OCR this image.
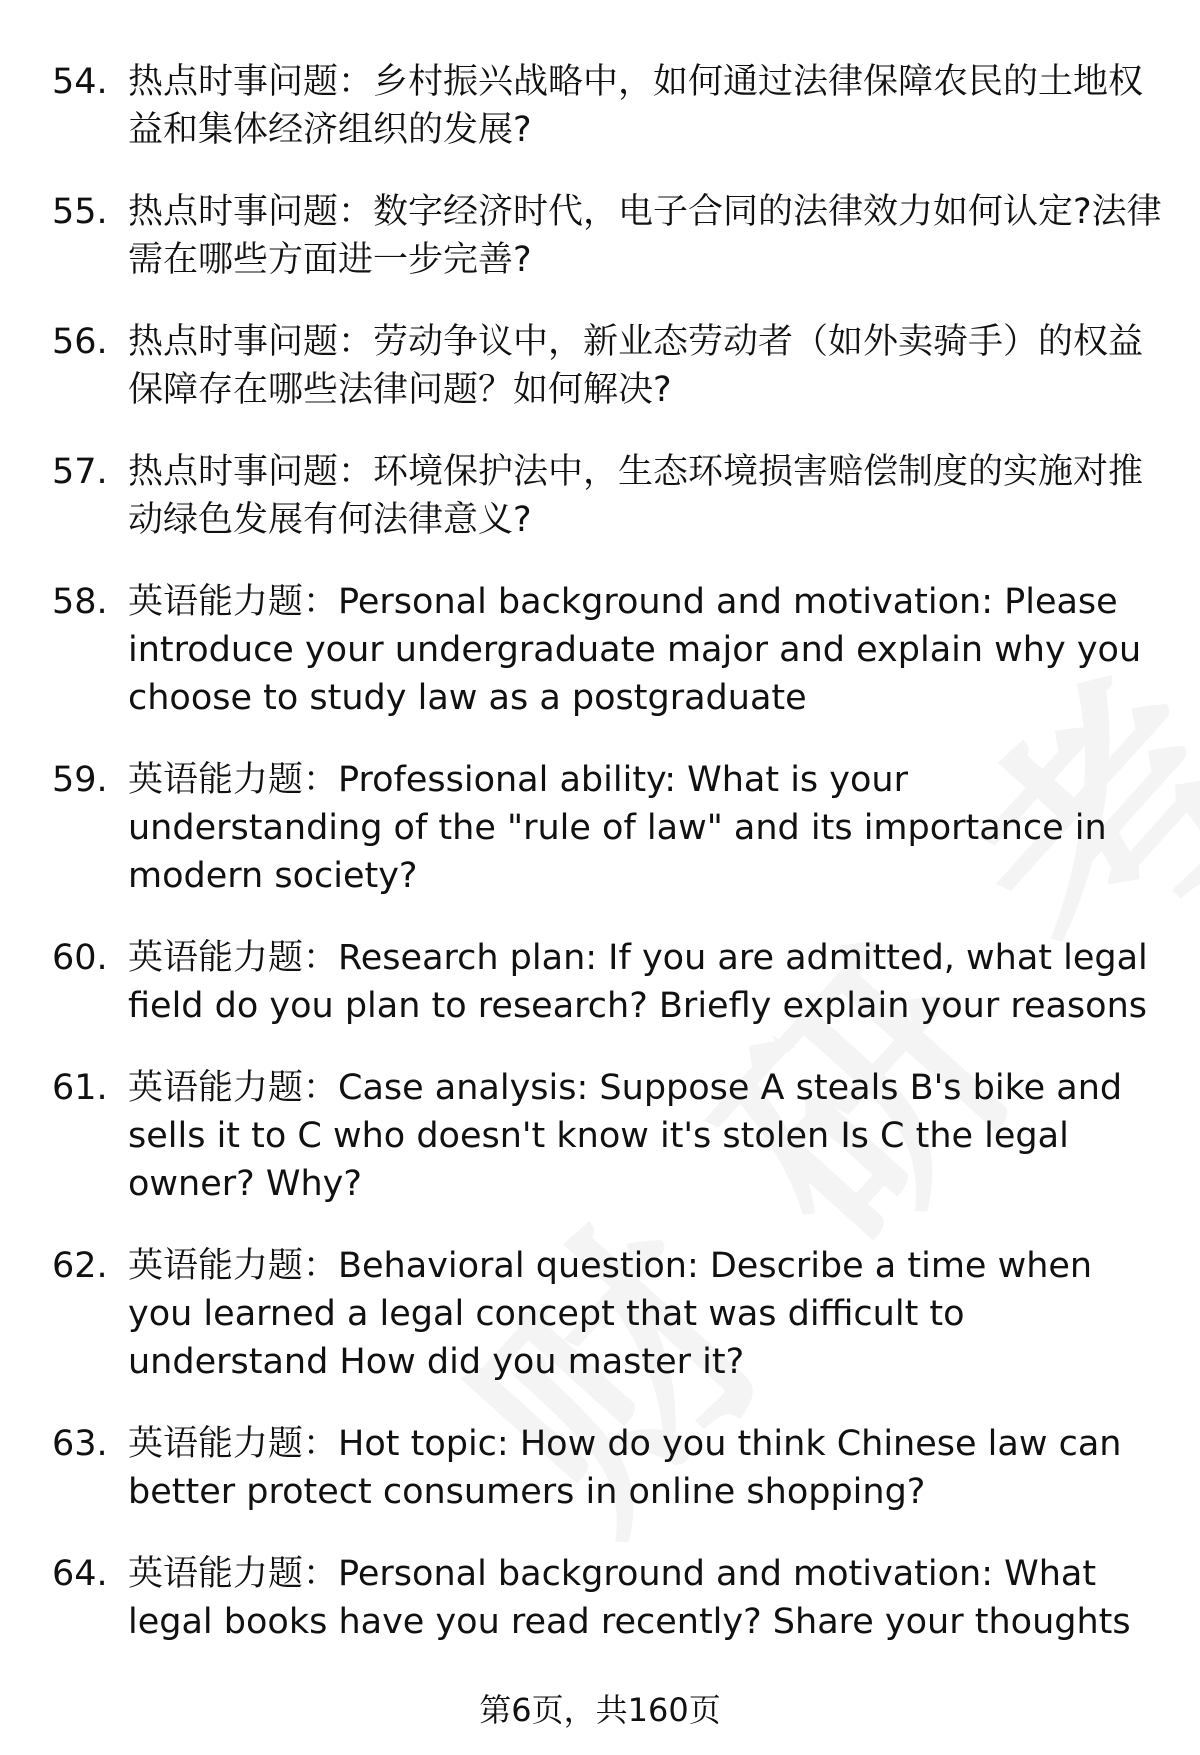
54. 热点时事问题：乡村振兴战略中，如何通过法律保障农民的土地权益和集体经济组织的发展?
55. 热点时事问题：数字经济时代，电子合同的法律效力如何认定?法律需在哪些方面进一步完善?
56. 热点时事问题：劳动争议中，新业态劳动者（如外卖骑手）的权益保障存在哪些法律问题？如何解决?
57. 热点时事问题：环境保护法中，生态环境损害赔偿制度的实施对推动绿色发展有何法律意义?
58. 英语能力题：Personal background and motivation: Please introduce your undergraduate major and explain why you choose to study law as a postgraduate
59. 英语能力题：Professional ability: What is your understanding of the "rule of law" and its importance in modern society?
60. 英语能力题：Research plan: If you are admitted, what legal field do you plan to research? Briefly explain your reasons
61. 英语能力题：Case analysis: Suppose A steals B's bike and sells it to C who doesn't know it's stolen Is C the legal owner? Why?
62. 英语能力题：Behavioral question: Describe a time when you learned a legal concept that was difficult to understand How did you master it?
63. 英语能力题：Hot topic: How do you think Chinese law can better protect consumers in online shopping?
64. 英语能力题：Personal background and motivation: What legal books have you read recently? Share your thoughts
第6页，共160页
